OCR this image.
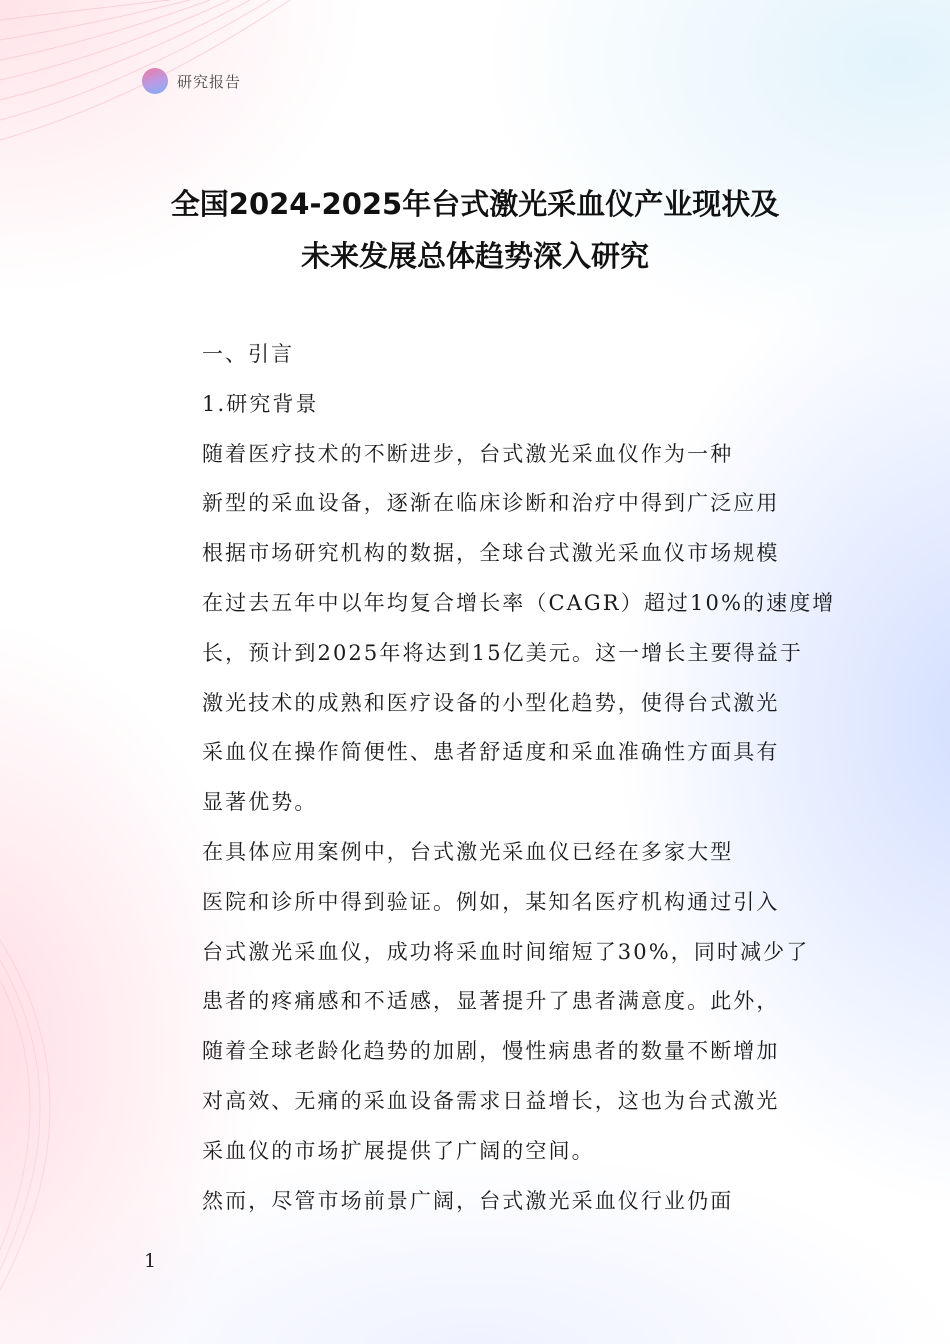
研究报告
全国2024-2025年台式激光采血仪产业现状及
未来发展总体趋势深入研究

一、引言

1.研究背景

随着医疗技术的不断进步，台式激光采血仪作为一种
新型的采血设备，逐渐在临床诊断和治疗中得到广泛应用
根据市场研究机构的数据，全球台式激光采血仪市场规模
在过去五年中以年均复合增长率（CAGR）超过10%的速度增
长，预计到2025年将达到15亿美元。这一增长主要得益于
激光技术的成熟和医疗设备的小型化趋势，使得台式激光
采血仪在操作简便性、患者舒适度和采血准确性方面具有
显著优势。

在具体应用案例中，台式激光采血仪已经在多家大型
医院和诊所中得到验证。例如，某知名医疗机构通过引入
台式激光采血仪，成功将采血时间缩短了30%，同时减少了
患者的疼痛感和不适感，显著提升了患者满意度。此外，
随着全球老龄化趋势的加剧，慢性病患者的数量不断增加
对高效、无痛的采血设备需求日益增长，这也为台式激光
采血仪的市场扩展提供了广阔的空间。

然而，尽管市场前景广阔，台式激光采血仪行业仍面

1
